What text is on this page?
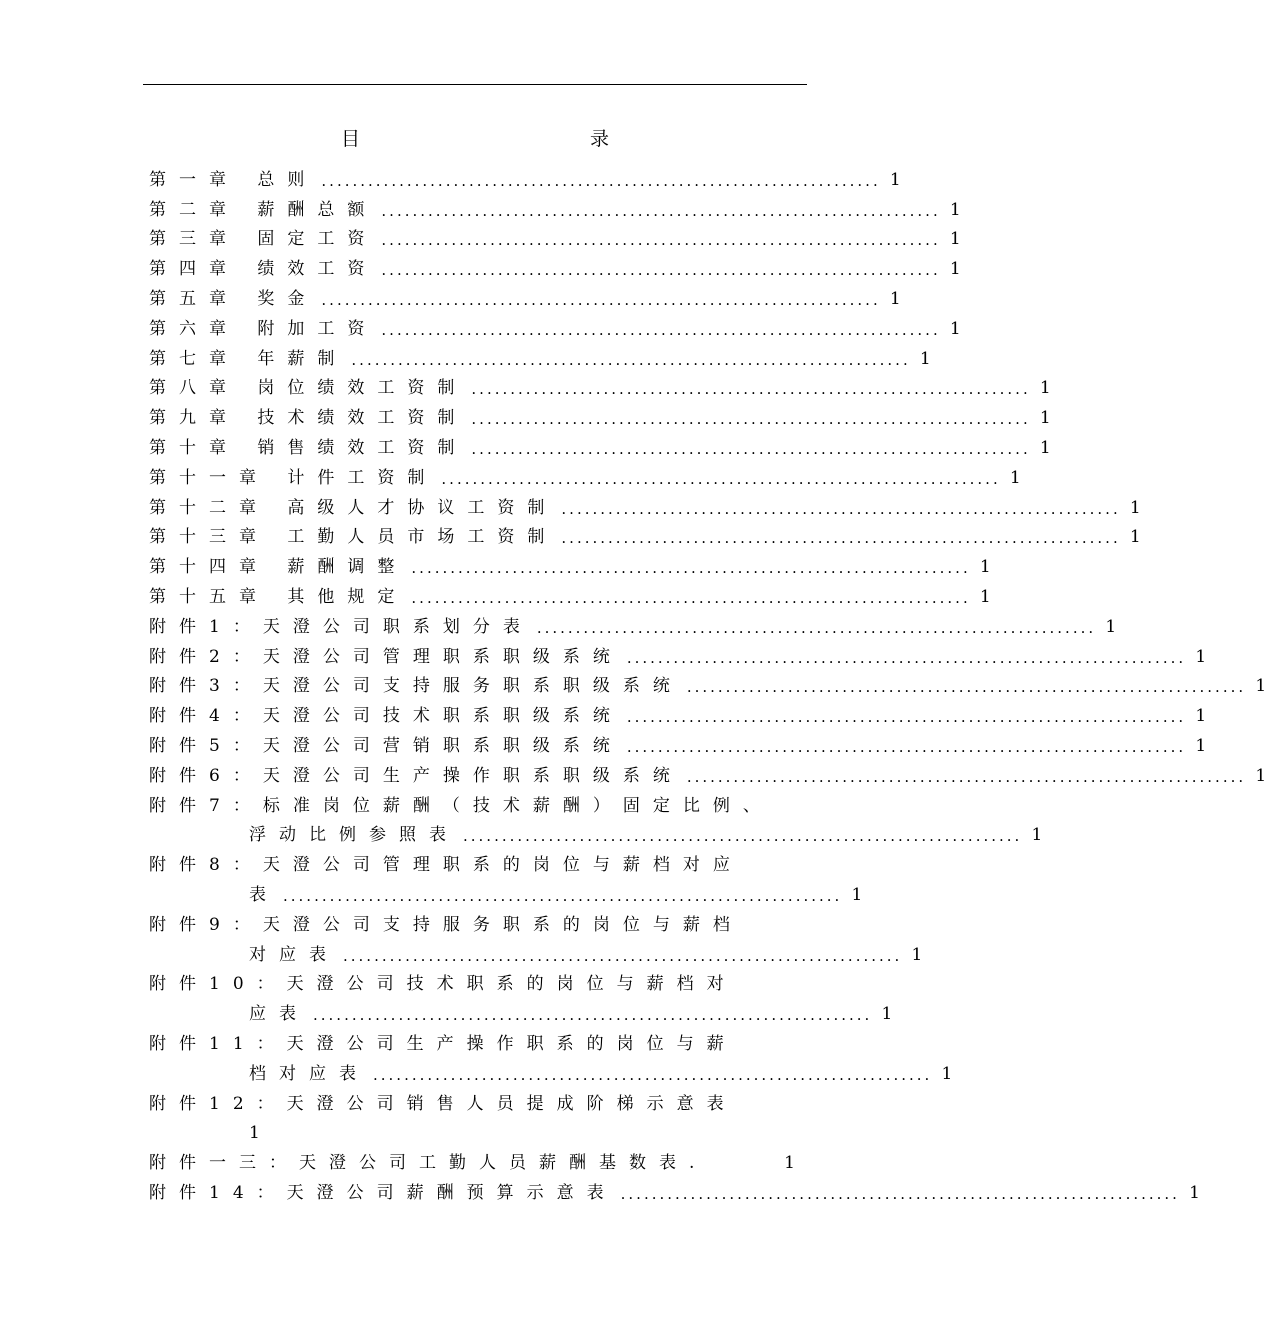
目 录
第一章 总则 ........................................................................ 1
第二章 薪酬总额 ........................................................................ 1
第三章 固定工资 ........................................................................ 1
第四章 绩效工资 ........................................................................ 1
第五章 奖金 ........................................................................ 1
第六章 附加工资 ........................................................................ 1
第七章 年薪制 ........................................................................ 1
第八章 岗位绩效工资制 ........................................................................ 1
第九章 技术绩效工资制 ........................................................................ 1
第十章 销售绩效工资制 ........................................................................ 1
第十一章 计件工资制 ........................................................................ 1
第十二章 高级人才协议工资制 ........................................................................ 1
第十三章 工勤人员市场工资制 ........................................................................ 1
第十四章 薪酬调整 ........................................................................ 1
第十五章 其他规定 ........................................................................ 1
附件1：天澄公司职系划分表 ........................................................................ 1
附件2：天澄公司管理职系职级系统 ........................................................................ 1
附件3：天澄公司支持服务职系职级系统 ........................................................................ 1
附件4：天澄公司技术职系职级系统 ........................................................................ 1
附件5：天澄公司营销职系职级系统 ........................................................................ 1
附件6：天澄公司生产操作职系职级系统 ........................................................................ 1
附件7：标准岗位薪酬（技术薪酬）固定比例、
浮动比例参照表 ........................................................................ 1
附件8：天澄公司管理职系的岗位与薪档对应
表 ........................................................................ 1
附件9：天澄公司支持服务职系的岗位与薪档
对应表 ........................................................................ 1
附件10：天澄公司技术职系的岗位与薪档对
应表 ........................................................................ 1
附件11：天澄公司生产操作职系的岗位与薪
档对应表 ........................................................................ 1
附件12：天澄公司销售人员提成阶梯示意表
1
附件一三：天澄公司工勤人员薪酬基数表.	1
附件14：天澄公司薪酬预算示意表 ........................................................................ 1
